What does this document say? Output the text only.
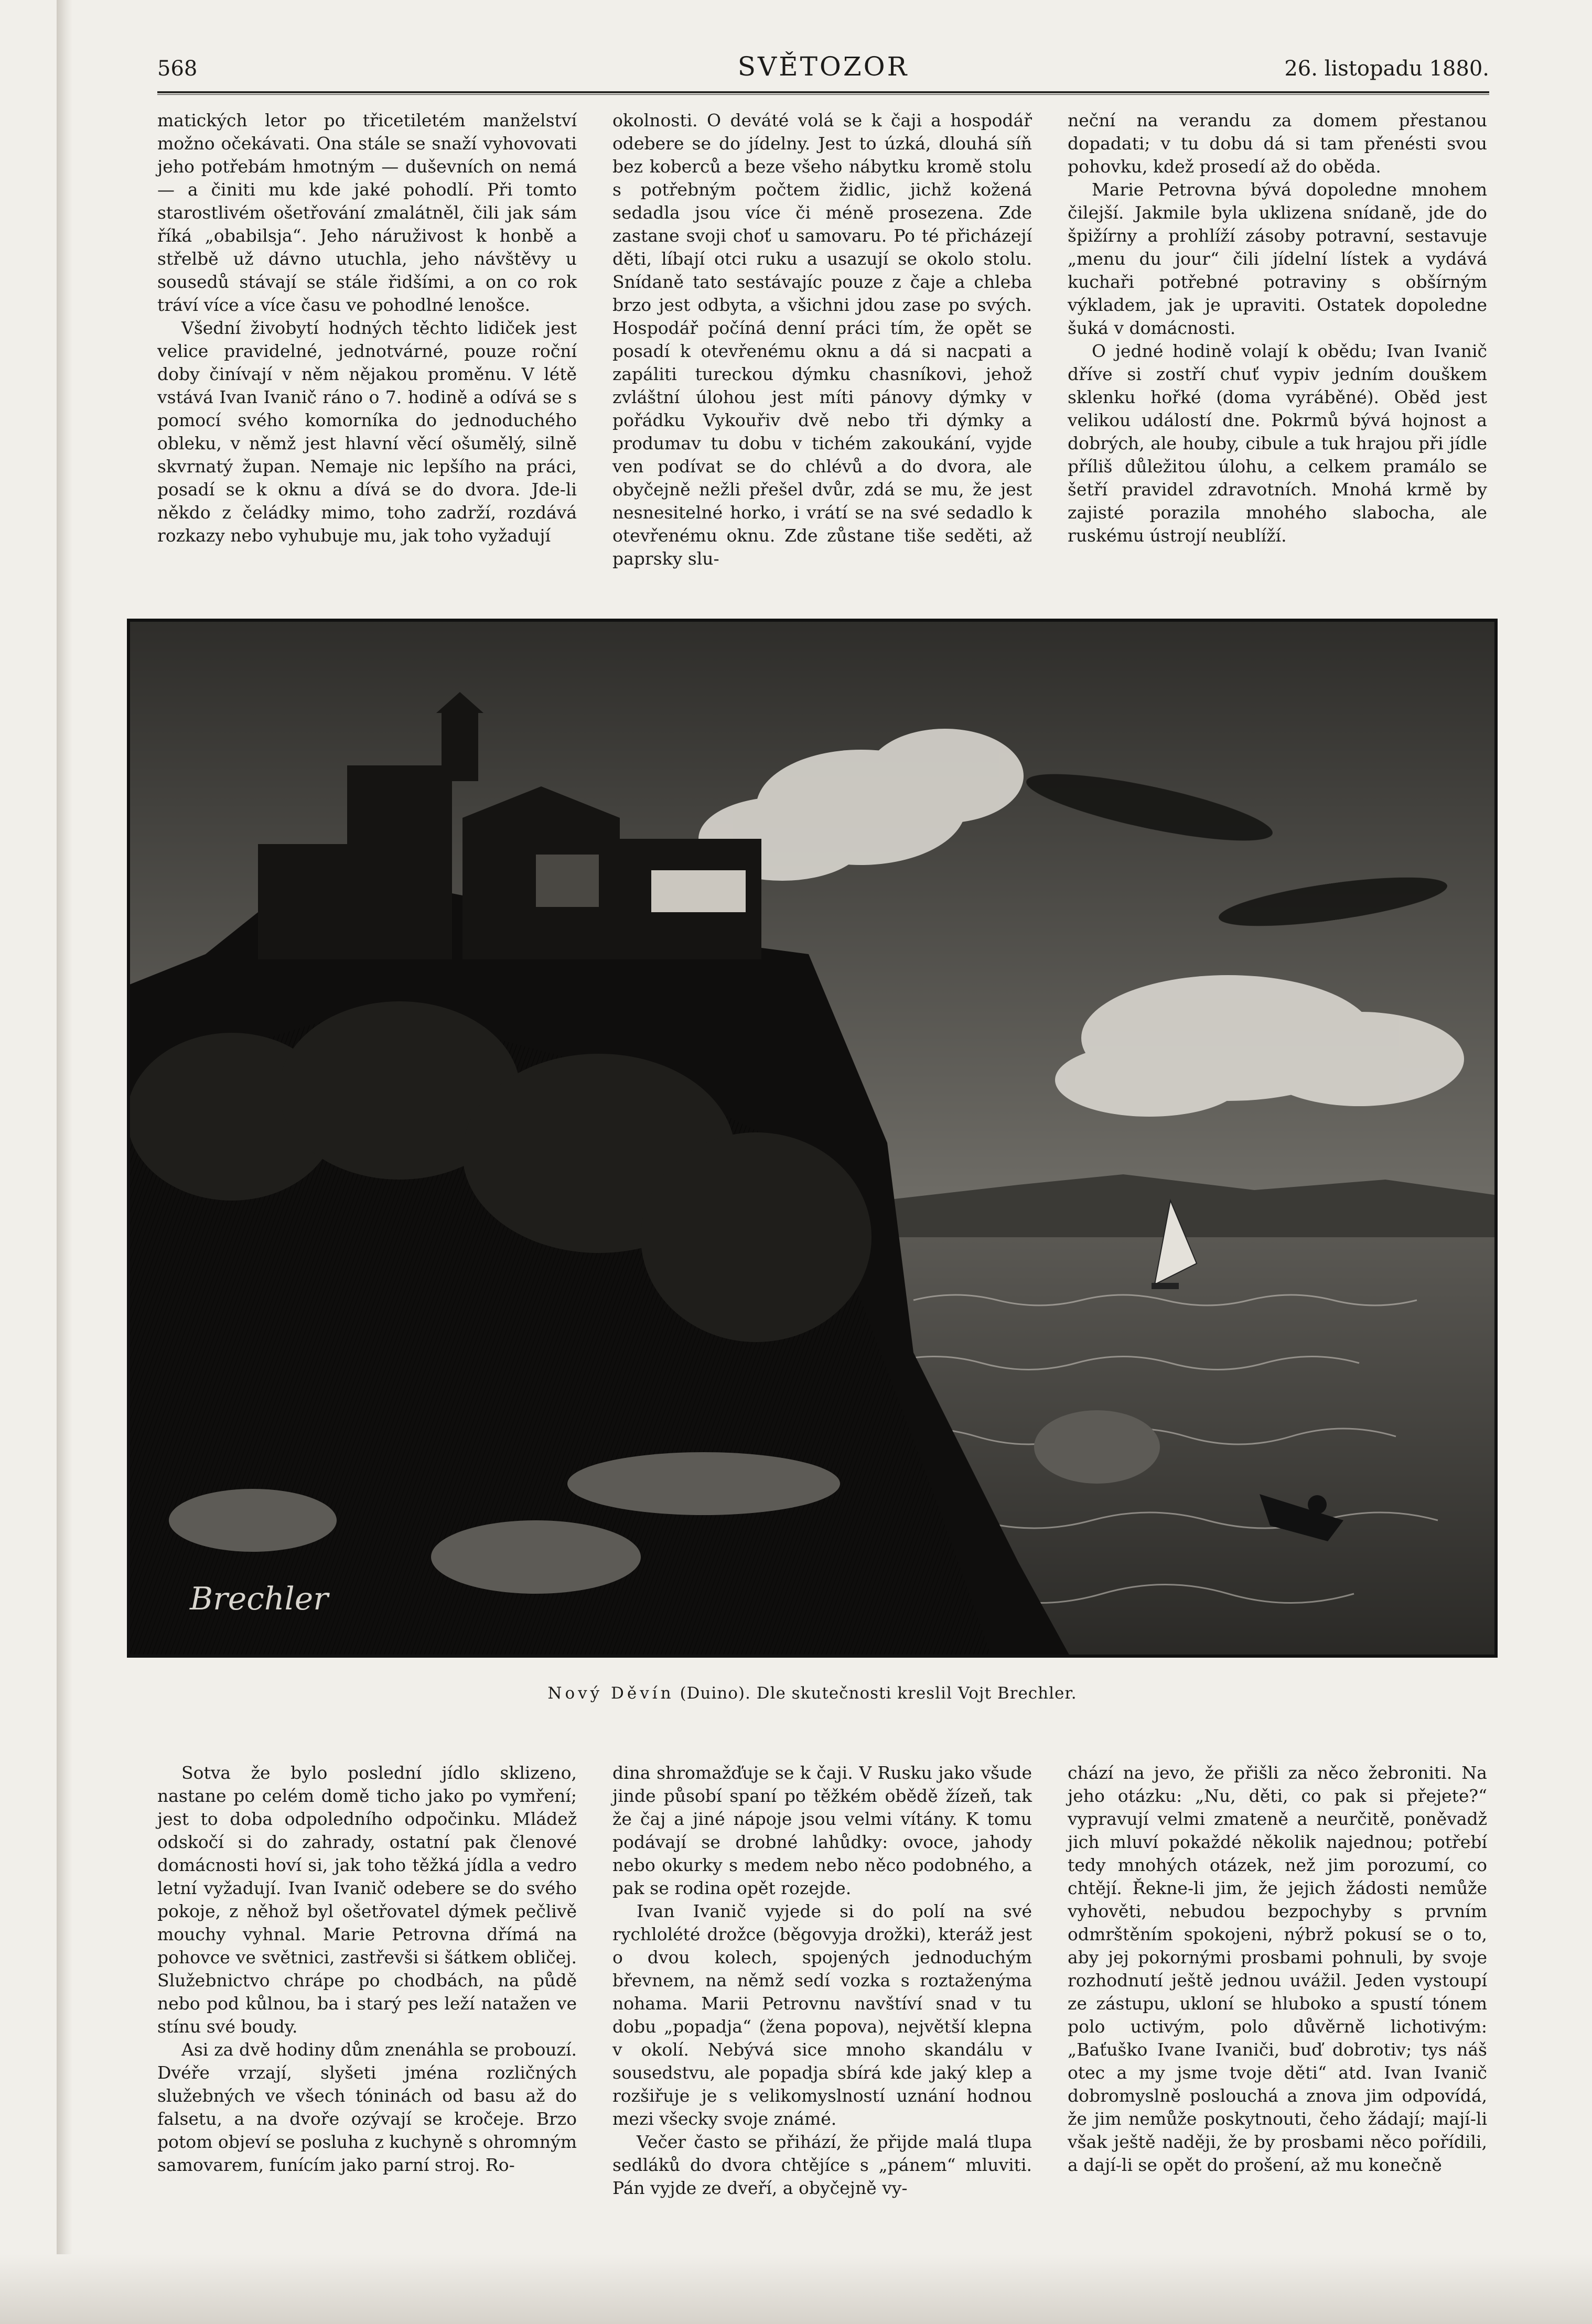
568	SVĚTOZOR	26. listopadu 1880.

matických letor po třicetiletém manželství možno očekávati. Ona stále se snaží vyhovovati jeho potřebám hmotným — duševních on nemá — a činiti mu kde jaké pohodlí. Při tomto starostlivém ošetřování zmalátněl, čili jak sám říká „obabilsja“. Jeho náruživost k honbě a střelbě už dávno utuchla, jeho návštěvy u sousedů stávají se stále řidšími, a on co rok tráví více a více času ve pohodlné lenošce.

Všední živobytí hodných těchto lidiček jest velice pravidelné, jednotvárné, pouze roční doby činívají v něm nějakou proměnu. V létě vstává Ivan Ivanič ráno o 7. hodině a odívá se s pomocí svého komorníka do jednoduchého obleku, v němž jest hlavní věcí ošumělý, silně skvrnatý župan. Nemaje nic lepšího na práci, posadí se k oknu a dívá se do dvora. Jde-li někdo z čeládky mimo, toho zadrží, rozdává rozkazy nebo vyhubuje mu, jak toho vyžadují

okolnosti. O deváté volá se k čaji a hospodář odebere se do jídelny. Jest to úzká, dlouhá síň bez koberců a beze všeho nábytku kromě stolu s potřebným počtem židlic, jichž kožená sedadla jsou více či méně prosezena. Zde zastane svoji choť u samovaru. Po té přicházejí děti, líbají otci ruku a usazují se okolo stolu. Snídaně tato sestávajíc pouze z čaje a chleba brzo jest odbyta, a všichni jdou zase po svých. Hospodář počíná denní práci tím, že opět se posadí k otevřenému oknu a dá si nacpati a zapáliti tureckou dýmku chasníkovi, jehož zvláštní úlohou jest míti pánovy dýmky v pořádku Vykouřiv dvě nebo tři dýmky a produmav tu dobu v tichém zakoukání, vyjde ven podívat se do chlévů a do dvora, ale obyčejně nežli přešel dvůr, zdá se mu, že jest nesnesitelné horko, i vrátí se na své sedadlo k otevřenému oknu. Zde zůstane tiše seděti, až paprsky slu-

neční na verandu za domem přestanou dopadati; v tu dobu dá si tam přenésti svou pohovku, kdež prosedí až do oběda.

Marie Petrovna bývá dopoledne mnohem čilejší. Jakmile byla uklizena snídaně, jde do špižírny a prohlíží zásoby potravní, sestavuje „menu du jour“ čili jídelní lístek a vydává kuchaři potřebné potraviny s obšírným výkladem, jak je upraviti. Ostatek dopoledne šuká v domácnosti.

O jedné hodině volají k obědu; Ivan Ivanič dříve si zostří chuť vypiv jedním douškem sklenku hořké (doma vyráběné). Oběd jest velikou událostí dne. Pokrmů bývá hojnost a dobrých, ale houby, cibule a tuk hrajou při jídle příliš důležitou úlohu, a celkem pramálo se šetří pravidel zdravotních. Mnohá krmě by zajisté porazila mnohého slabocha, ale ruskému ústrojí neublíží.

Brechler
Nový Děvín (Duino). Dle skutečnosti kreslil Vojt Brechler.

Sotva že bylo poslední jídlo sklizeno, nastane po celém domě ticho jako po vymření; jest to doba odpoledního odpočinku. Mládež odskočí si do zahrady, ostatní pak členové domácnosti hoví si, jak toho těžká jídla a vedro letní vyžadují. Ivan Ivanič odebere se do svého pokoje, z něhož byl ošetřovatel dýmek pečlivě mouchy vyhnal. Marie Petrovna dřímá na pohovce ve světnici, zastřevši si šátkem obličej. Služebnictvo chrápe po chodbách, na půdě nebo pod kůlnou, ba i starý pes leží natažen ve stínu své boudy.

Asi za dvě hodiny dům znenáhla se probouzí. Dvéře vrzají, slyšeti jména rozličných služebných ve všech tóninách od basu až do falsetu, a na dvoře ozývají se kročeje. Brzo potom objeví se posluha z kuchyně s ohromným samovarem, funícím jako parní stroj. Ro-

dina shromažďuje se k čaji. V Rusku jako všude jinde působí spaní po těžkém obědě žízeň, tak že čaj a jiné nápoje jsou velmi vítány. K tomu podávají se drobné lahůdky: ovoce, jahody nebo okurky s medem nebo něco podobného, a pak se rodina opět rozejde.

Ivan Ivanič vyjede si do polí na své rychlolété drožce (běgovyja drožki), kteráž jest o dvou kolech, spojených jednoduchým břevnem, na němž sedí vozka s roztaženýma nohama. Marii Petrovnu navštíví snad v tu dobu „popadja“ (žena popova), největší klepna v okolí. Nebývá sice mnoho skandálu v sousedstvu, ale popadja sbírá kde jaký klep a rozšiřuje je s velikomyslností uznání hodnou mezi všecky svoje známé.

Večer často se přihází, že přijde malá tlupa sedláků do dvora chtějíce s „pánem“ mluviti. Pán vyjde ze dveří, a obyčejně vy-

chází na jevo, že přišli za něco žebroniti. Na jeho otázku: „Nu, děti, co pak si přejete?“ vypravují velmi zmateně a neurčitě, poněvadž jich mluví pokaždé několik najednou; potřebí tedy mnohých otázek, než jim porozumí, co chtějí. Řekne-li jim, že jejich žádosti nemůže vyhověti, nebudou bezpochyby s prvním odmrštěním spokojeni, nýbrž pokusí se o to, aby jej pokornými prosbami pohnuli, by svoje rozhodnutí ještě jednou uvážil. Jeden vystoupí ze zástupu, ukloní se hluboko a spustí tónem polo uctivým, polo důvěrně lichotivým: „Baťuško Ivane Ivaniči, buď dobrotiv; tys náš otec a my jsme tvoje děti“ atd. Ivan Ivanič dobromyslně poslouchá a znova jim odpovídá, že jim nemůže poskytnouti, čeho žádají; mají-li však ještě naději, že by prosbami něco pořídili, a dají-li se opět do prošení, až mu konečně
